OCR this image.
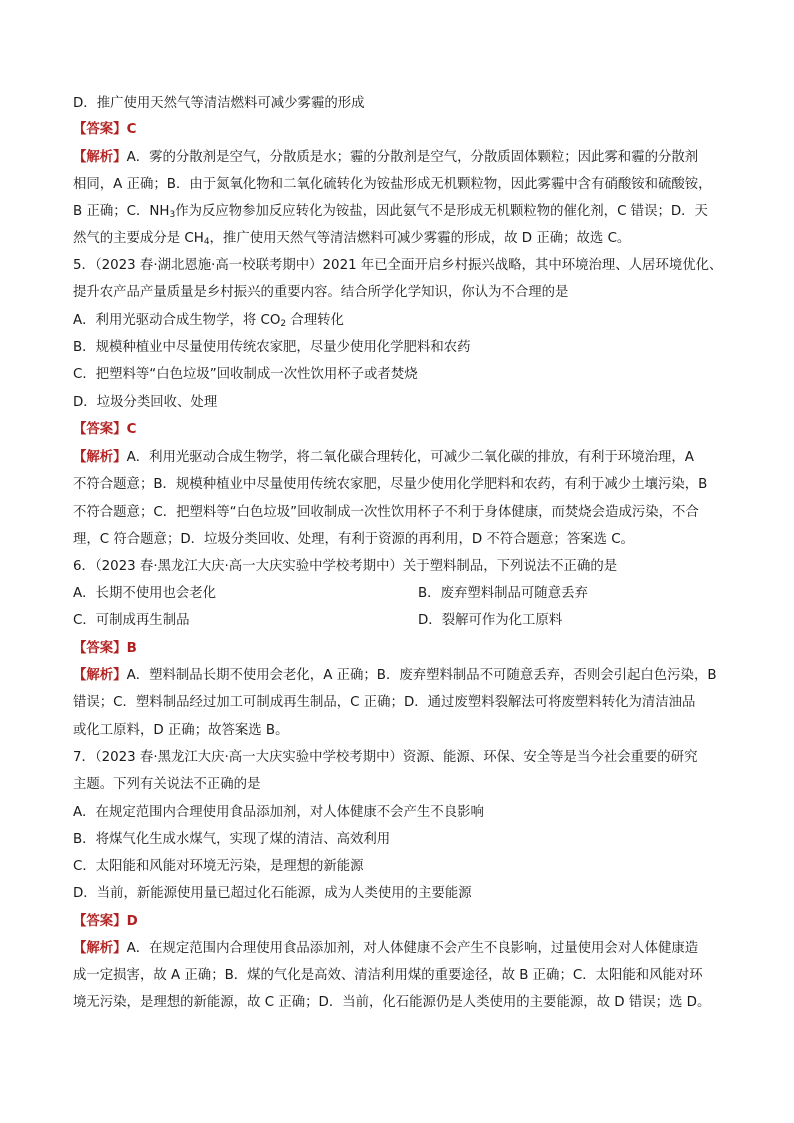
D．推广使用天然气等清洁燃料可减少雾霾的形成
【答案】C
【解析】A．雾的分散剂是空气，分散质是水；霾的分散剂是空气，分散质固体颗粒；因此雾和霾的分散剂
相同，A 正确；B．由于氮氧化物和二氧化硫转化为铵盐形成无机颗粒物，因此雾霾中含有硝酸铵和硫酸铵，
B 正确；C．$NH_3$作为反应物参加反应转化为铵盐，因此氨气不是形成无机颗粒物的催化剂，C 错误；D．天
然气的主要成分是 $CH_4$，推广使用天然气等清洁燃料可减少雾霾的形成，故 D 正确；故选 C。
5．（2023 春·湖北恩施·高一校联考期中）2021 年已全面开启乡村振兴战略，其中环境治理、人居环境优化、
提升农产品产量质量是乡村振兴的重要内容。结合所学化学知识，你认为不合理的是
A．利用光驱动合成生物学，将 $CO_2$ 合理转化
B．规模种植业中尽量使用传统农家肥，尽量少使用化学肥料和农药
C．把塑料等“白色垃圾”回收制成一次性饮用杯子或者焚烧
D．垃圾分类回收、处理
【答案】C
【解析】A．利用光驱动合成生物学，将二氧化碳合理转化，可减少二氧化碳的排放，有利于环境治理，A
不符合题意；B．规模种植业中尽量使用传统农家肥，尽量少使用化学肥料和农药，有利于减少土壤污染，B
不符合题意；C．把塑料等“白色垃圾”回收制成一次性饮用杯子不利于身体健康，而焚烧会造成污染，不合
理，C 符合题意；D．垃圾分类回收、处理，有利于资源的再利用，D 不符合题意；答案选 C。
6．（2023 春·黑龙江大庆·高一大庆实验中学校考期中）关于塑料制品，下列说法不正确的是
A．长期不使用也会老化	B．废弃塑料制品可随意丢弃
C．可制成再生制品	D．裂解可作为化工原料
【答案】B
【解析】A．塑料制品长期不使用会老化，A 正确；B．废弃塑料制品不可随意丢弃，否则会引起白色污染，B
错误；C．塑料制品经过加工可制成再生制品，C 正确；D．通过废塑料裂解法可将废塑料转化为清洁油品
或化工原料，D 正确；故答案选 B。
7．（2023 春·黑龙江大庆·高一大庆实验中学校考期中）资源、能源、环保、安全等是当今社会重要的研究
主题。下列有关说法不正确的是
A．在规定范围内合理使用食品添加剂，对人体健康不会产生不良影响
B．将煤气化生成水煤气，实现了煤的清洁、高效利用
C．太阳能和风能对环境无污染，是理想的新能源
D．当前，新能源使用量已超过化石能源，成为人类使用的主要能源
【答案】D
【解析】A．在规定范围内合理使用食品添加剂，对人体健康不会产生不良影响，过量使用会对人体健康造
成一定损害，故 A 正确；B．煤的气化是高效、清洁利用煤的重要途径，故 B 正确；C．太阳能和风能对环
境无污染，是理想的新能源，故 C 正确；D．当前，化石能源仍是人类使用的主要能源，故 D 错误；选 D。
